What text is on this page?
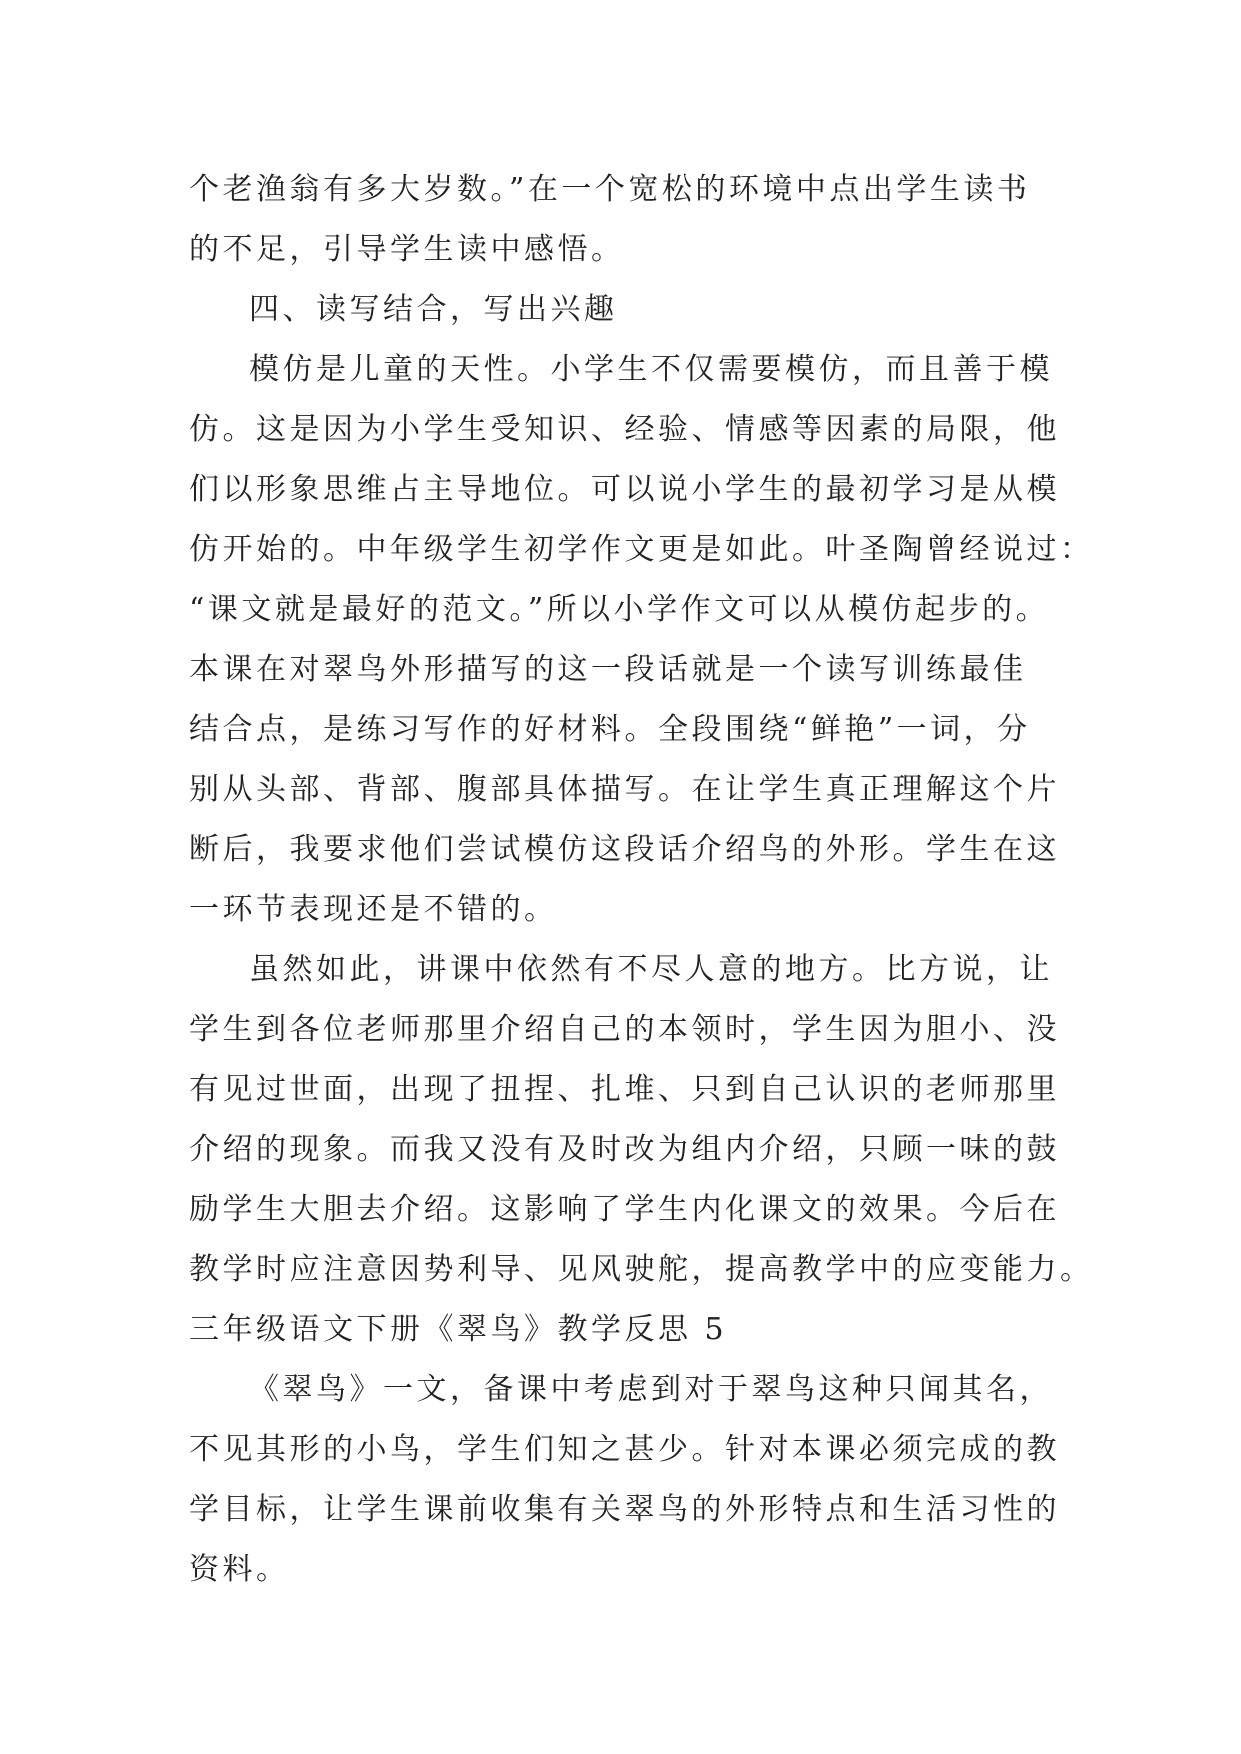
个老渔翁有多大岁数。”在一个宽松的环境中点出学生读书
的不足，引导学生读中感悟。
四、读写结合，写出兴趣
模仿是儿童的天性。小学生不仅需要模仿，而且善于模
仿。这是因为小学生受知识、经验、情感等因素的局限，他
们以形象思维占主导地位。可以说小学生的最初学习是从模
仿开始的。中年级学生初学作文更是如此。叶圣陶曾经说过：
“课文就是最好的范文。”所以小学作文可以从模仿起步的。
本课在对翠鸟外形描写的这一段话就是一个读写训练最佳
结合点，是练习写作的好材料。全段围绕“鲜艳”一词，分
别从头部、背部、腹部具体描写。在让学生真正理解这个片
断后，我要求他们尝试模仿这段话介绍鸟的外形。学生在这
一环节表现还是不错的。
虽然如此，讲课中依然有不尽人意的地方。比方说，让
学生到各位老师那里介绍自己的本领时，学生因为胆小、没
有见过世面，出现了扭捏、扎堆、只到自己认识的老师那里
介绍的现象。而我又没有及时改为组内介绍，只顾一味的鼓
励学生大胆去介绍。这影响了学生内化课文的效果。今后在
教学时应注意因势利导、见风驶舵，提高教学中的应变能力。
三年级语文下册《翠鸟》教学反思 5
《翠鸟》一文，备课中考虑到对于翠鸟这种只闻其名，
不见其形的小鸟，学生们知之甚少。针对本课必须完成的教
学目标，让学生课前收集有关翠鸟的外形特点和生活习性的
资料。
